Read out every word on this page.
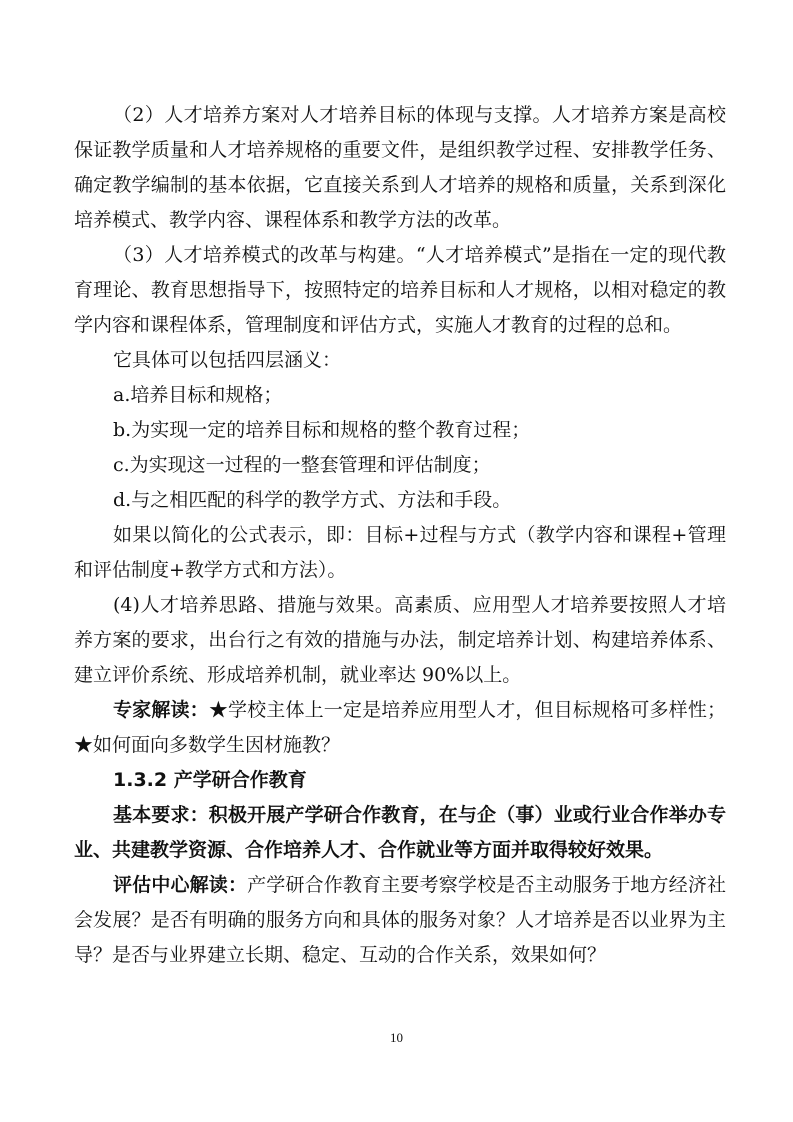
（2）人才培养方案对人才培养目标的体现与支撑。人才培养方案是高校保证教学质量和人才培养规格的重要文件，是组织教学过程、安排教学任务、确定教学编制的基本依据，它直接关系到人才培养的规格和质量，关系到深化培养模式、教学内容、课程体系和教学方法的改革。

（3）人才培养模式的改革与构建。“人才培养模式”是指在一定的现代教育理论、教育思想指导下，按照特定的培养目标和人才规格，以相对稳定的教学内容和课程体系，管理制度和评估方式，实施人才教育的过程的总和。

它具体可以包括四层涵义：

a.培养目标和规格；

b.为实现一定的培养目标和规格的整个教育过程；

c.为实现这一过程的一整套管理和评估制度；

d.与之相匹配的科学的教学方式、方法和手段。

如果以简化的公式表示，即：目标+过程与方式（教学内容和课程+管理和评估制度+教学方式和方法）。

(4)人才培养思路、措施与效果。高素质、应用型人才培养要按照人才培养方案的要求，出台行之有效的措施与办法，制定培养计划、构建培养体系、建立评价系统、形成培养机制，就业率达 90%以上。

专家解读：★学校主体上一定是培养应用型人才，但目标规格可多样性；★如何面向多数学生因材施教？

1.3.2 产学研合作教育

基本要求：积极开展产学研合作教育，在与企（事）业或行业合作举办专业、共建教学资源、合作培养人才、合作就业等方面并取得较好效果。

评估中心解读：产学研合作教育主要考察学校是否主动服务于地方经济社会发展？是否有明确的服务方向和具体的服务对象？人才培养是否以业界为主导？是否与业界建立长期、稳定、互动的合作关系，效果如何？

10
